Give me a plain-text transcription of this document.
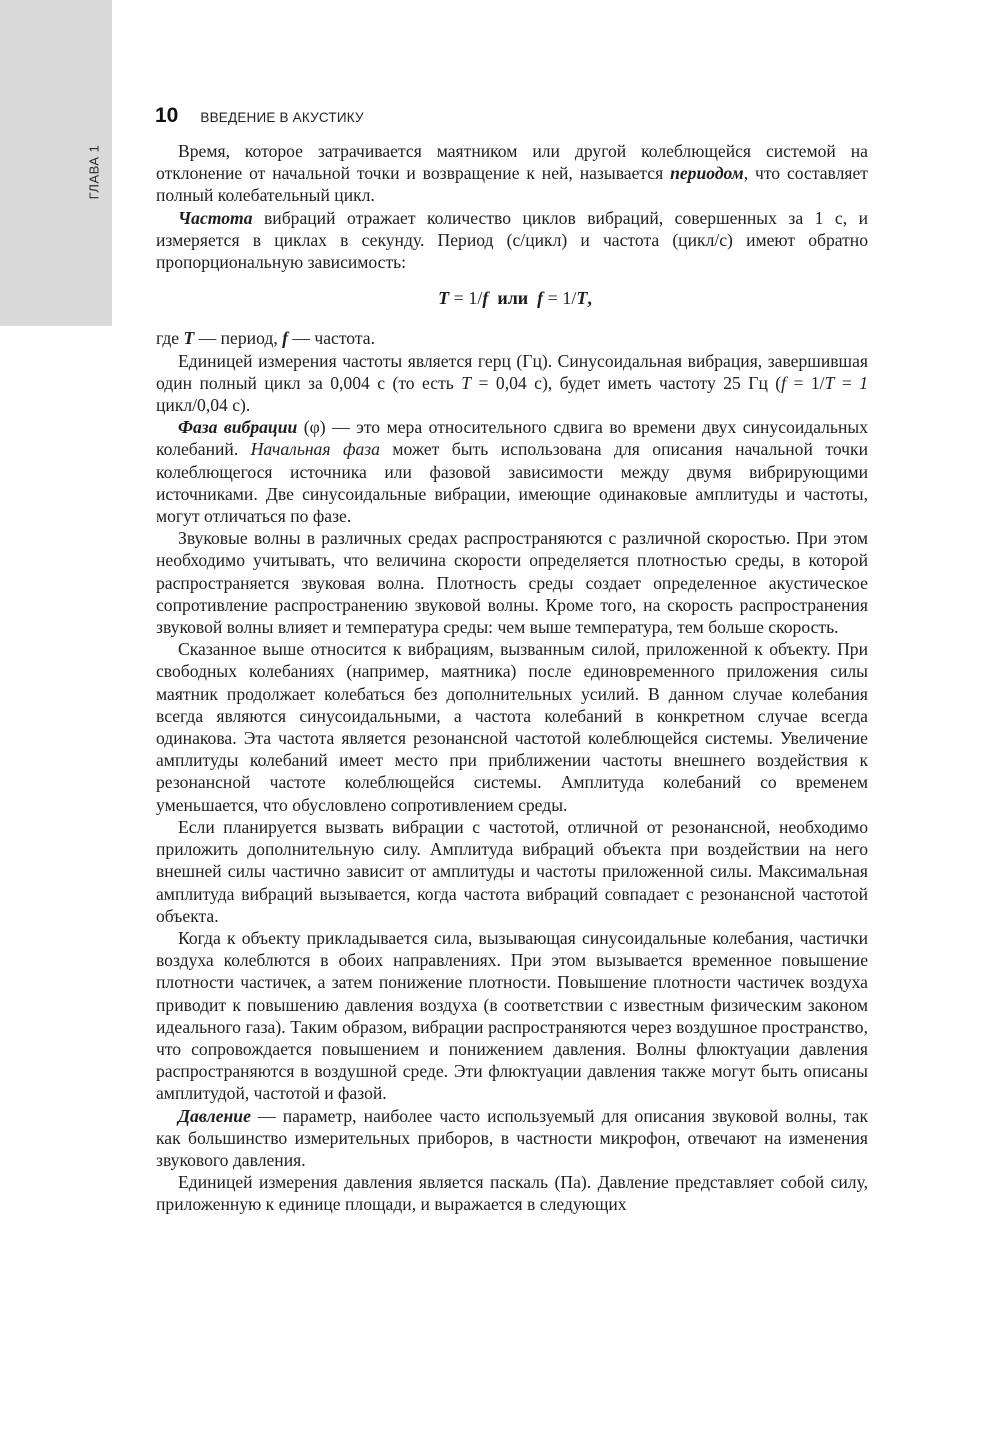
ГЛАВА 1
10 ВВЕДЕНИЕ В АКУСТИКУ

Время, которое затрачивается маятником или другой колеблющейся системой на отклонение от начальной точки и возвращение к ней, называется периодом, что составляет полный колебательный цикл.

Частота вибраций отражает количество циклов вибраций, совершенных за 1 с, и измеряется в циклах в секунду. Период (с/цикл) и частота (цикл/с) имеют обратно пропорциональную зависимость:

T = 1/f  или  f = 1/T,

где T — период, f — частота.

Единицей измерения частоты является герц (Гц). Синусоидальная вибрация, завершившая один полный цикл за 0,004 с (то есть T = 0,04 с), будет иметь частоту 25 Гц (f = 1/T = 1 цикл/0,04 с).

Фаза вибрации (φ) — это мера относительного сдвига во времени двух синусоидальных колебаний. Начальная фаза может быть использована для описания начальной точки колеблющегося источника или фазовой зависимости между двумя вибрирующими источниками. Две синусоидальные вибрации, имеющие одинаковые амплитуды и частоты, могут отличаться по фазе.

Звуковые волны в различных средах распространяются с различной скоростью. При этом необходимо учитывать, что величина скорости определяется плотностью среды, в которой распространяется звуковая волна. Плотность среды создает определенное акустическое сопротивление распространению звуковой волны. Кроме того, на скорость распространения звуковой волны влияет и температура среды: чем выше температура, тем больше скорость.

Сказанное выше относится к вибрациям, вызванным силой, приложенной к объекту. При свободных колебаниях (например, маятника) после единовременного приложения силы маятник продолжает колебаться без дополнительных усилий. В данном случае колебания всегда являются синусоидальными, а частота колебаний в конкретном случае всегда одинакова. Эта частота является резонансной частотой колеблющейся системы. Увеличение амплитуды колебаний имеет место при приближении частоты внешнего воздействия к резонансной частоте колеблющейся системы. Амплитуда колебаний со временем уменьшается, что обусловлено сопротивлением среды.

Если планируется вызвать вибрации с частотой, отличной от резонансной, необходимо приложить дополнительную силу. Амплитуда вибраций объекта при воздействии на него внешней силы частично зависит от амплитуды и частоты приложенной силы. Максимальная амплитуда вибраций вызывается, когда частота вибраций совпадает с резонансной частотой объекта.

Когда к объекту прикладывается сила, вызывающая синусоидальные колебания, частички воздуха колеблются в обоих направлениях. При этом вызывается временное повышение плотности частичек, а затем понижение плотности. Повышение плотности частичек воздуха приводит к повышению давления воздуха (в соответствии с известным физическим законом идеального газа). Таким образом, вибрации распространяются через воздушное пространство, что сопровождается повышением и понижением давления. Волны флюктуации давления распространяются в воздушной среде. Эти флюктуации давления также могут быть описаны амплитудой, частотой и фазой.

Давление — параметр, наиболее часто используемый для описания звуковой волны, так как большинство измерительных приборов, в частности микрофон, отвечают на изменения звукового давления.

Единицей измерения давления является паскаль (Па). Давление представляет собой силу, приложенную к единице площади, и выражается в следующих
